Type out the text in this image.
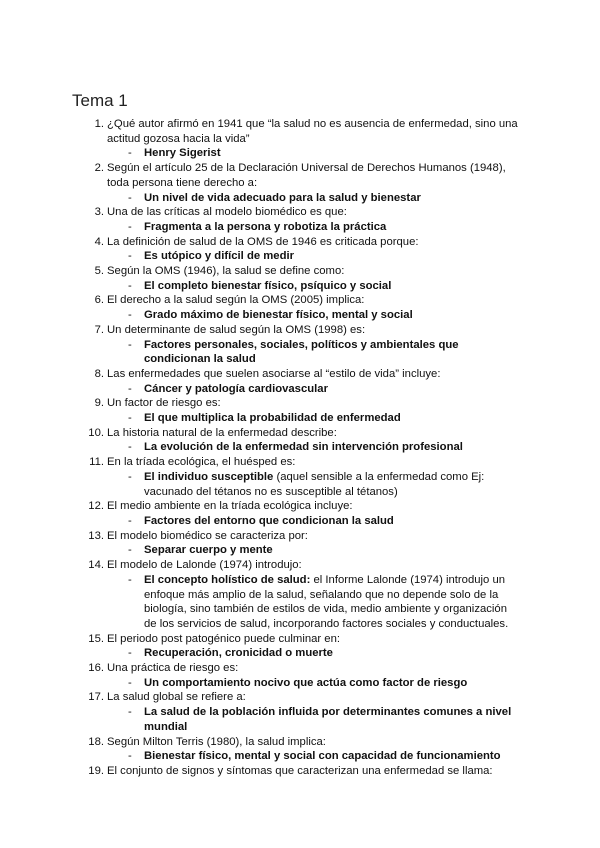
Tema 1
1. ¿Qué autor afirmó en 1941 que “la salud no es ausencia de enfermedad, sino una actitud gozosa hacia la vida”
- Henry Sigerist
2. Según el artículo 25 de la Declaración Universal de Derechos Humanos (1948), toda persona tiene derecho a:
- Un nivel de vida adecuado para la salud y bienestar
3. Una de las críticas al modelo biomédico es que:
- Fragmenta a la persona y robotiza la práctica
4. La definición de salud de la OMS de 1946 es criticada porque:
- Es utópico y difícil de medir
5. Según la OMS (1946), la salud se define como:
- El completo bienestar físico, psíquico y social
6. El derecho a la salud según la OMS (2005) implica:
- Grado máximo de bienestar físico, mental y social
7. Un determinante de salud según la OMS (1998) es:
- Factores personales, sociales, políticos y ambientales que condicionan la salud
8. Las enfermedades que suelen asociarse al “estilo de vida” incluye:
- Cáncer y patología cardiovascular
9. Un factor de riesgo es:
- El que multiplica la probabilidad de enfermedad
10. La historia natural de la enfermedad describe:
- La evolución de la enfermedad sin intervención profesional
11. En la tríada ecológica, el huésped es:
- El individuo susceptible (aquel sensible a la enfermedad como Ej: vacunado del tétanos no es susceptible al tétanos)
12. El medio ambiente en la tríada ecológica incluye:
- Factores del entorno que condicionan la salud
13. El modelo biomédico se caracteriza por:
- Separar cuerpo y mente
14. El modelo de Lalonde (1974) introdujo:
- El concepto holístico de salud: el Informe Lalonde (1974) introdujo un enfoque más amplio de la salud, señalando que no depende solo de la biología, sino también de estilos de vida, medio ambiente y organización de los servicios de salud, incorporando factores sociales y conductuales.
15. El periodo post patogénico puede culminar en:
- Recuperación, cronicidad o muerte
16. Una práctica de riesgo es:
- Un comportamiento nocivo que actúa como factor de riesgo
17. La salud global se refiere a:
- La salud de la población influida por determinantes comunes a nivel mundial
18. Según Milton Terris (1980), la salud implica:
- Bienestar físico, mental y social con capacidad de funcionamiento
19. El conjunto de signos y síntomas que caracterizan una enfermedad se llama:
